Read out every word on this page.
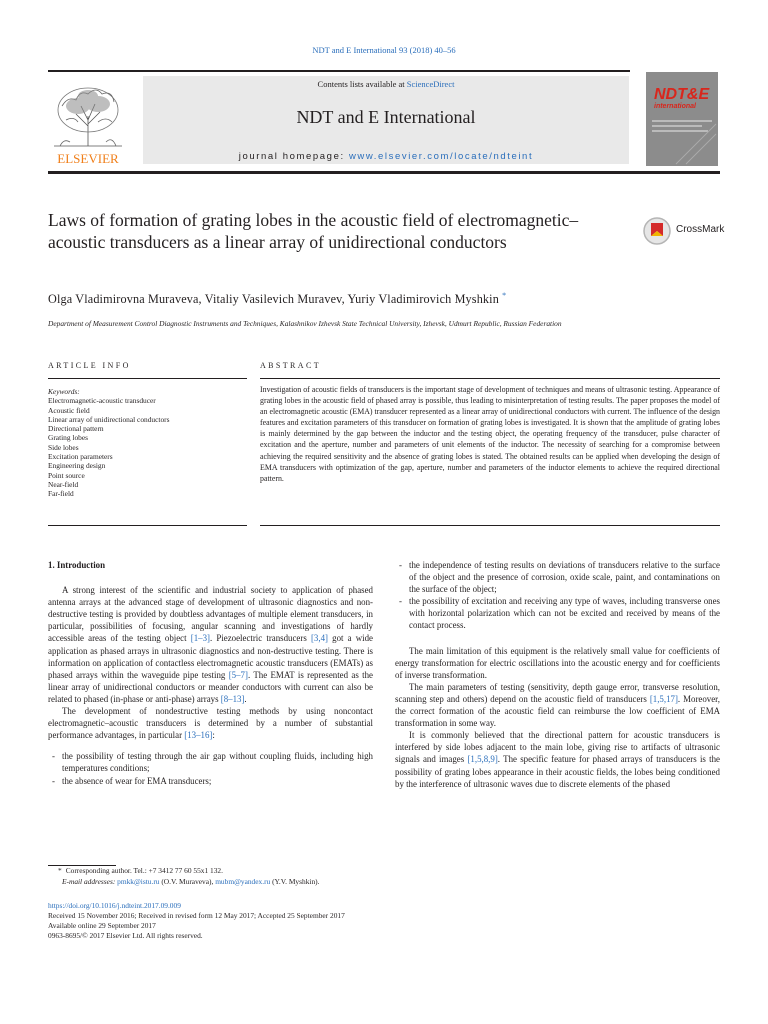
NDT and E International 93 (2018) 40–56
ELSEVIER
Contents lists available at ScienceDirect
NDT and E International
journal homepage: www.elsevier.com/locate/ndteint
NDT&E
international
Laws of formation of grating lobes in the acoustic field of electromagnetic–acoustic transducers as a linear array of unidirectional conductors
CrossMark
Olga Vladimirovna Muraveva, Vitaliy Vasilevich Muravev, Yuriy Vladimirovich Myshkin *
Department of Measurement Control Diagnostic Instruments and Techniques, Kalashnikov Izhevsk State Technical University, Izhevsk, Udmurt Republic, Russian Federation
ARTICLE INFO	ABSTRACT
Keywords:
Electromagnetic-acoustic transducer
Acoustic field
Linear array of unidirectional conductors
Directional pattern
Grating lobes
Side lobes
Excitation parameters
Engineering design
Point source
Near-field
Far-field
Investigation of acoustic fields of transducers is the important stage of development of techniques and means of ultrasonic testing. Appearance of grating lobes in the acoustic field of phased array is possible, thus leading to misinterpretation of testing results. The paper proposes the model of an electromagnetic acoustic (EMA) transducer represented as a linear array of unidirectional conductors with current. The influence of the design features and excitation parameters of this transducer on formation of grating lobes is investigated. It is shown that the amplitude of grating lobes is mainly determined by the gap between the inductor and the testing object, the operating frequency of the transducer, pulse character of excitation and the aperture, number and parameters of unit elements of the inductor. The necessity of searching for a compromise between achieving the required sensitivity and the absence of grating lobes is stated. The obtained results can be applied when developing the design of EMA transducers with optimization of the gap, aperture, number and parameters of the inductor elements to achieve the required directional pattern.
1. Introduction

A strong interest of the scientific and industrial society to application of phased antenna arrays at the advanced stage of development of ultrasonic diagnostics and non-destructive testing is provided by doubtless advantages of multiple element transducers, in particular, possibilities of focusing, angular scanning and investigations of hardly accessible areas of the testing object [1–3]. Piezoelectric transducers [3,4] got a wide application as phased arrays in ultrasonic diagnostics and non-destructive testing. There is information on application of contactless electromagnetic acoustic transducers (EMATs) as phased arrays within the waveguide pipe testing [5–7]. The EMAT is represented as the linear array of unidirectional conductors or meander conductors with current can also be related to phased (in-phase or anti-phase) arrays [8–13].

The development of nondestructive testing methods by using noncontact electromagnetic–acoustic transducers is determined by a number of substantial performance advantages, in particular [13–16]:

- the possibility of testing through the air gap without coupling fluids, including high temperatures conditions;
- the absence of wear for EMA transducers;
- the independence of testing results on deviations of transducers relative to the surface of the object and the presence of corrosion, oxide scale, paint, and contaminations on the surface of the object;
- the possibility of excitation and receiving any type of waves, including transverse ones with horizontal polarization which can not be excited and received by means of the contact process.

The main limitation of this equipment is the relatively small value for coefficients of energy transformation for electric oscillations into the acoustic energy and for coefficients of inverse transformation.

The main parameters of testing (sensitivity, depth gauge error, transverse resolution, scanning step and others) depend on the acoustic field of transducers [1,5,17]. Moreover, the correct formation of the acoustic field can reimburse the low coefficient of EMA transformation in some way.

It is commonly believed that the directional pattern for acoustic transducers is interfered by side lobes adjacent to the main lobe, giving rise to artifacts of ultrasonic signals and images [1,5,8,9]. The specific feature for phased arrays of transducers is the possibility of grating lobes appearance in their acoustic fields, the lobes being conditioned by the interference of ultrasonic waves due to discrete elements of the phased

* Corresponding author. Tel.: +7 3412 77 60 55x1 132.
E-mail addresses: pmkk@istu.ru (O.V. Muraveva), mubm@yandex.ru (Y.V. Myshkin).
https://doi.org/10.1016/j.ndteint.2017.09.009
Received 15 November 2016; Received in revised form 12 May 2017; Accepted 25 September 2017
Available online 29 September 2017
0963-8695/© 2017 Elsevier Ltd. All rights reserved.
